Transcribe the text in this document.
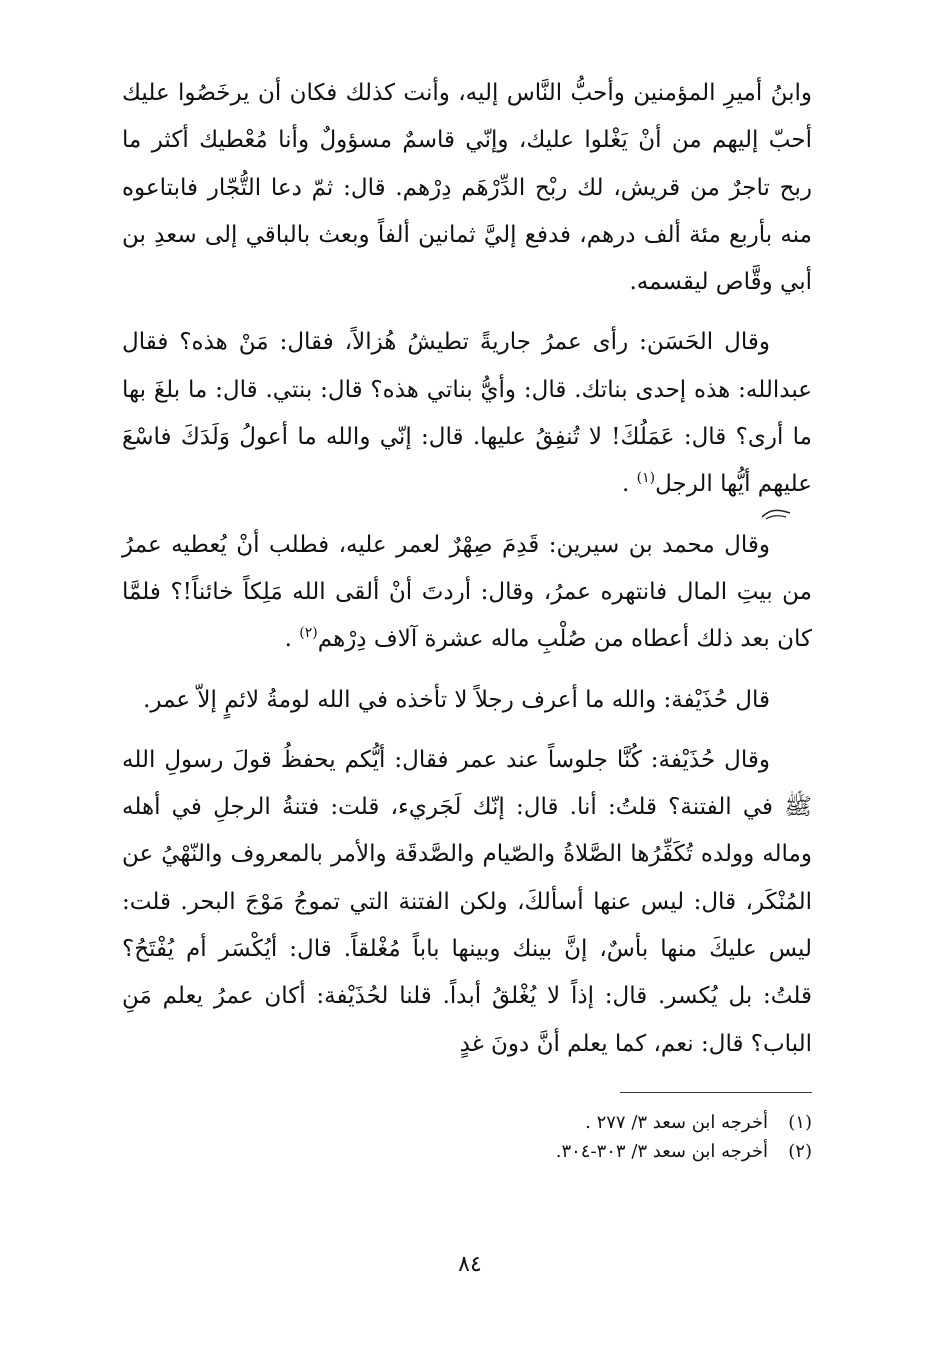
وابنُ أميرِ المؤمنين وأحبُّ النَّاس إليه، وأنت كذلك فكان أن يرخَصُوا عليك أحبّ إليهم من أنْ يَغْلوا عليك، وإنّي قاسمٌ مسؤولٌ وأنا مُعْطيك أكثر ما ربح تاجرٌ من قريش، لك ربْح الدِّرْهَم دِرْهم. قال: ثمّ دعا التُّجّار فابتاعوه منه بأربع مئة ألف درهم، فدفع إليَّ ثمانين ألفاً وبعث بالباقي إلى سعدِ بن أبي وقَّاص ليقسمه.

وقال الحَسَن: رأى عمرُ جاريةً تطيشُ هُزالاً، فقال: مَنْ هذه؟ فقال عبدالله: هذه إحدى بناتك. قال: وأيُّ بناتي هذه؟ قال: بنتي. قال: ما بلغَ بها ما أرى؟ قال: عَمَلُكَ! لا تُنفِقُ عليها. قال: إنّي والله ما أعولُ وَلَدَكَ فاسْعَ عليهم أيُّها الرجل$^{(١)}$ .

وقال محمد بن سيرين: قَدِمَ صِهْرٌ لعمر عليه، فطلب أنْ يُعطيه عمرُ من بيتِ المال فانتهره عمرُ، وقال: أردتَ أنْ ألقى الله مَلِكاً خائناً!؟ فلمَّا كان بعد ذلك أعطاه من صُلْبِ ماله عشرة آلاف دِرْهم$^{(٢)}$ .

قال حُذَيْفة: والله ما أعرف رجلاً لا تأخذه في الله لومةُ لائمٍ إلاّ عمر.

وقال حُذَيْفة: كُنَّا جلوساً عند عمر فقال: أيُّكم يحفظُ قولَ رسولِ الله ﷺ في الفتنة؟ قلتُ: أنا. قال: إنّك لَجَريء، قلت: فتنةُ الرجلِ في أهله وماله وولده تُكَفِّرُها الصَّلاةُ والصّيام والصَّدقَة والأمر بالمعروف والنّهْيُ عن المُنْكَر، قال: ليس عنها أسألكَ، ولكن الفتنة التي تموجُ مَوْجَ البحر. قلت: ليس عليكَ منها بأسٌ، إنَّ بينك وبينها باباً مُغْلقاً. قال: أيُكْسَر أم يُفْتَحُ؟ قلتُ: بل يُكسر. قال: إذاً لا يُغْلقُ أبداً. قلنا لحُذَيْفة: أكان عمرُ يعلم مَنِ الباب؟ قال: نعم، كما يعلم أنَّ دونَ غدٍ

(١)أخرجه ابن سعد ٣/ ٢٧٧ .
(٢)أخرجه ابن سعد ٣/ ٣٠٣-٣٠٤.
٨٤
